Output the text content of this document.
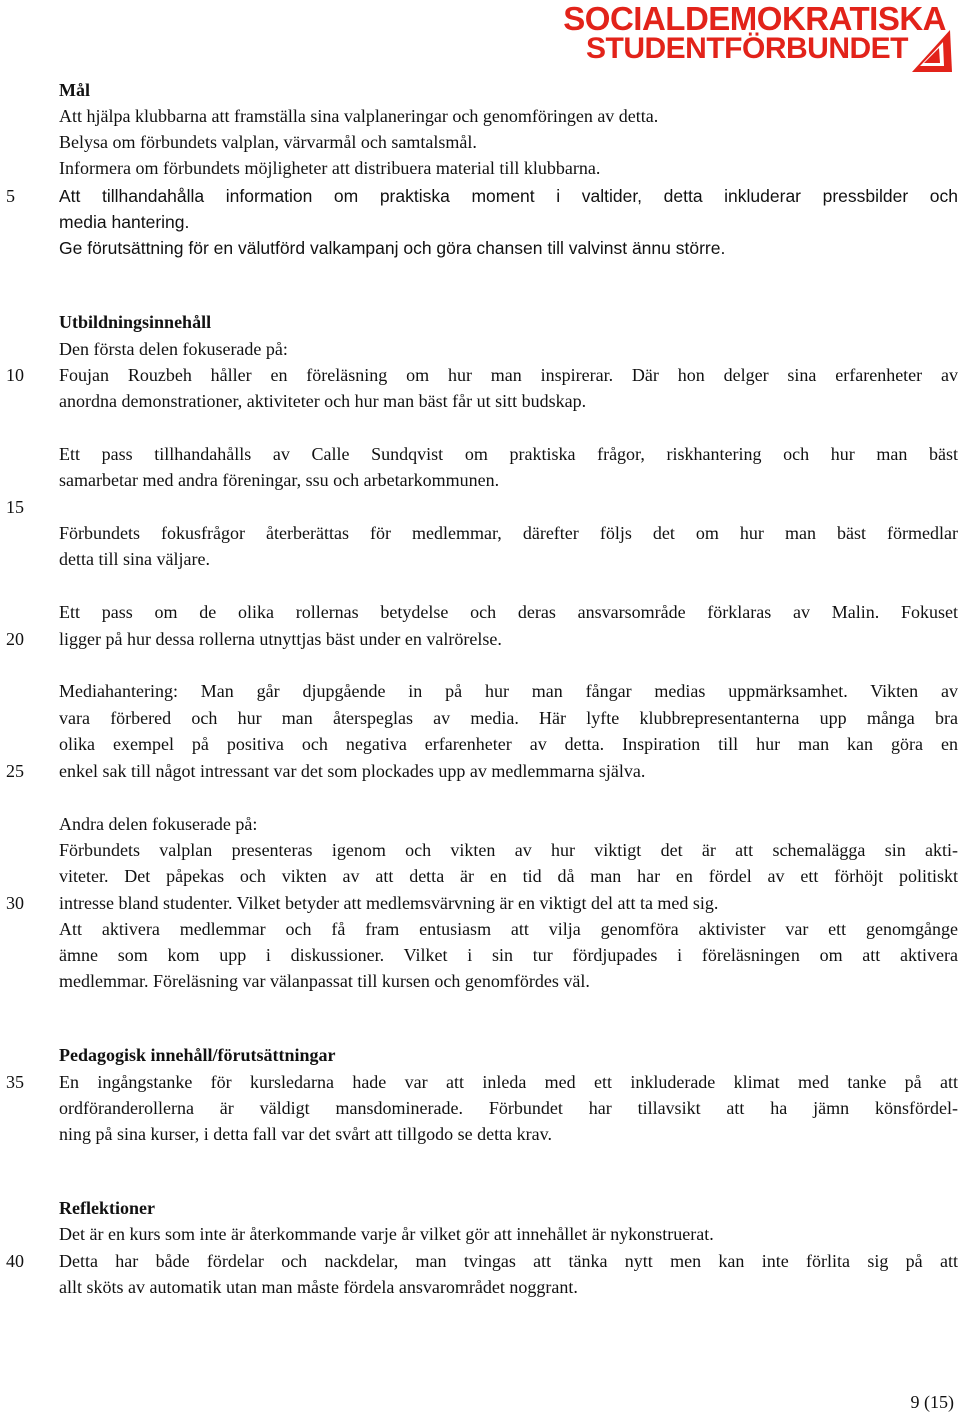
SOCIALDEMOKRATISKA
STUDENTFÖRBUNDET
5
10
15
20
25
30
35
40
Mål
Att hjälpa klubbarna att framställa sina valplaneringar och genomföringen av detta.
Belysa om förbundets valplan, värvarmål och samtalsmål.
Informera om förbundets möjligheter att distribuera material till klubbarna.
Att tillhandahålla information om praktiska moment i valtider, detta inkluderar pressbilder och
media hantering.
Ge förutsättning för en välutförd valkampanj och göra chansen till valvinst ännu större.
Utbildningsinnehåll
Den första delen fokuserade på:
Foujan Rouzbeh håller en föreläsning om hur man inspirerar. Där hon delger sina erfarenheter av
anordna demonstrationer, aktiviteter och hur man bäst får ut sitt budskap.
Ett pass tillhandahålls av Calle Sundqvist om praktiska frågor, riskhantering och hur man bäst
samarbetar med andra föreningar, ssu och arbetarkommunen.
Förbundets fokusfrågor återberättas för medlemmar, därefter följs det om hur man bäst förmedlar
detta till sina väljare.
Ett pass om de olika rollernas betydelse och deras ansvarsområde förklaras av Malin. Fokuset
ligger på hur dessa rollerna utnyttjas bäst under en valrörelse.
Mediahantering: Man går djupgående in på hur man fångar medias uppmärksamhet. Vikten av
vara förbered och hur man återspeglas av media. Här lyfte klubbrepresentanterna upp många bra
olika exempel på positiva och negativa erfarenheter av detta. Inspiration till hur man kan göra en
enkel sak till något intressant var det som plockades upp av medlemmarna själva.
Andra delen fokuserade på:
Förbundets valplan presenteras igenom och vikten av hur viktigt det är att schemalägga sin akti-
viteter. Det påpekas och vikten av att detta är en tid då man har en fördel av ett förhöjt politiskt
intresse bland studenter. Vilket betyder att medlemsvärvning är en viktigt del att ta med sig.
Att aktivera medlemmar och få fram entusiasm att vilja genomföra aktivister var ett genomgånge
ämne som kom upp i diskussioner. Vilket i sin tur fördjupades i föreläsningen om att aktivera
medlemmar. Föreläsning var välanpassat till kursen och genomfördes väl.
Pedagogisk innehåll/förutsättningar
En ingångstanke för kursledarna hade var att inleda med ett inkluderade klimat med tanke på att
ordföranderollerna är väldigt mansdominerade. Förbundet har tillavsikt att ha jämn könsfördel-
ning på sina kurser, i detta fall var det svårt att tillgodo se detta krav.
Reflektioner
Det är en kurs som inte är återkommande varje år vilket gör att innehållet är nykonstruerat.
Detta har både fördelar och nackdelar, man tvingas att tänka nytt men kan inte förlita sig på att
allt sköts av automatik utan man måste fördela ansvarområdet noggrant.
9 (15)
